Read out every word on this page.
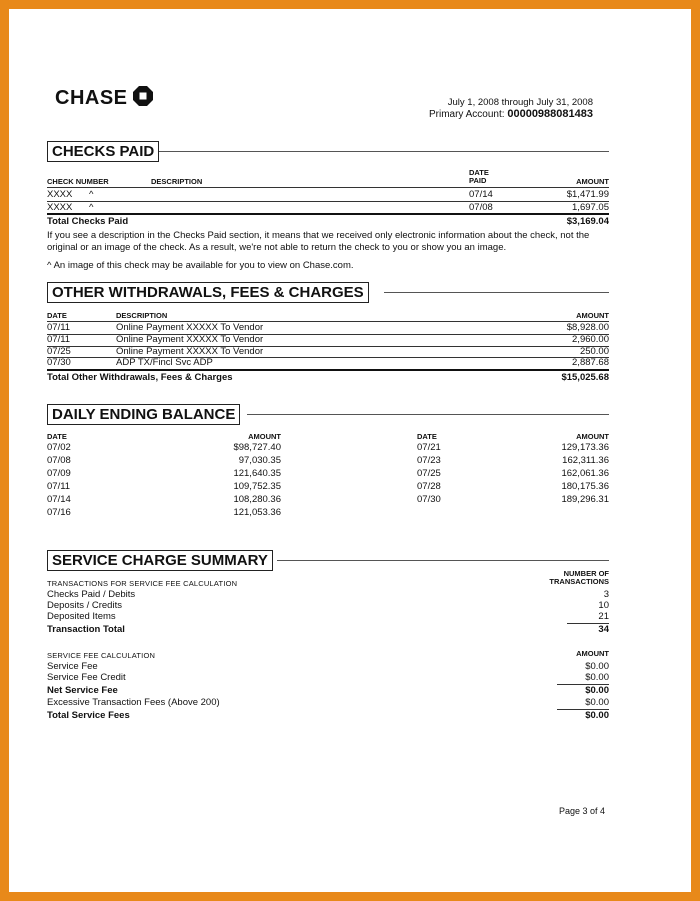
CHASE	July 1, 2008 through July 31, 2008
Primary Account: 00000988081483
CHECKS PAID
CHECK NUMBER	DESCRIPTION
DATE
PAID	AMOUNT
XXXX ^	07/14	$1,471.99
XXXX ^	07/08	1,697.05
Total Checks Paid	$3,169.04
If you see a description in the Checks Paid section, it means that we received only electronic information about the check, not the original or an image of the check. As a result, we're not able to return the check to you or show you an image.
^ An image of this check may be available for you to view on Chase.com.
OTHER WITHDRAWALS, FEES & CHARGES
DATE	DESCRIPTION	AMOUNT
07/11	Online Payment XXXXX To Vendor	$8,928.00
07/11	Online Payment XXXXX To Vendor	2,960.00
07/25	Online Payment XXXXX To Vendor	250.00
07/30	ADP TX/Fincl Svc ADP	2,887.68
Total Other Withdrawals, Fees & Charges	$15,025.68
DAILY ENDING BALANCE
DATE	AMOUNT	DATE	AMOUNT
07/02	$98,727.40
07/08	97,030.35
07/09	121,640.35
07/11	109,752.35
07/14	108,280.36
07/16	121,053.36
07/21	129,173.36
07/23	162,311.36
07/25	162,061.36
07/28	180,175.36
07/30	189,296.31
SERVICE CHARGE SUMMARY
TRANSACTIONS FOR SERVICE FEE CALCULATION
NUMBER OF
TRANSACTIONS
Checks Paid / Debits	3
Deposits / Credits	10
Deposited Items	21
Transaction Total	34
SERVICE FEE CALCULATION	AMOUNT
Service Fee	$0.00
Service Fee Credit	$0.00
Net Service Fee	$0.00
Excessive Transaction Fees (Above 200)	$0.00
Total Service Fees	$0.00
Page 3 of 4
